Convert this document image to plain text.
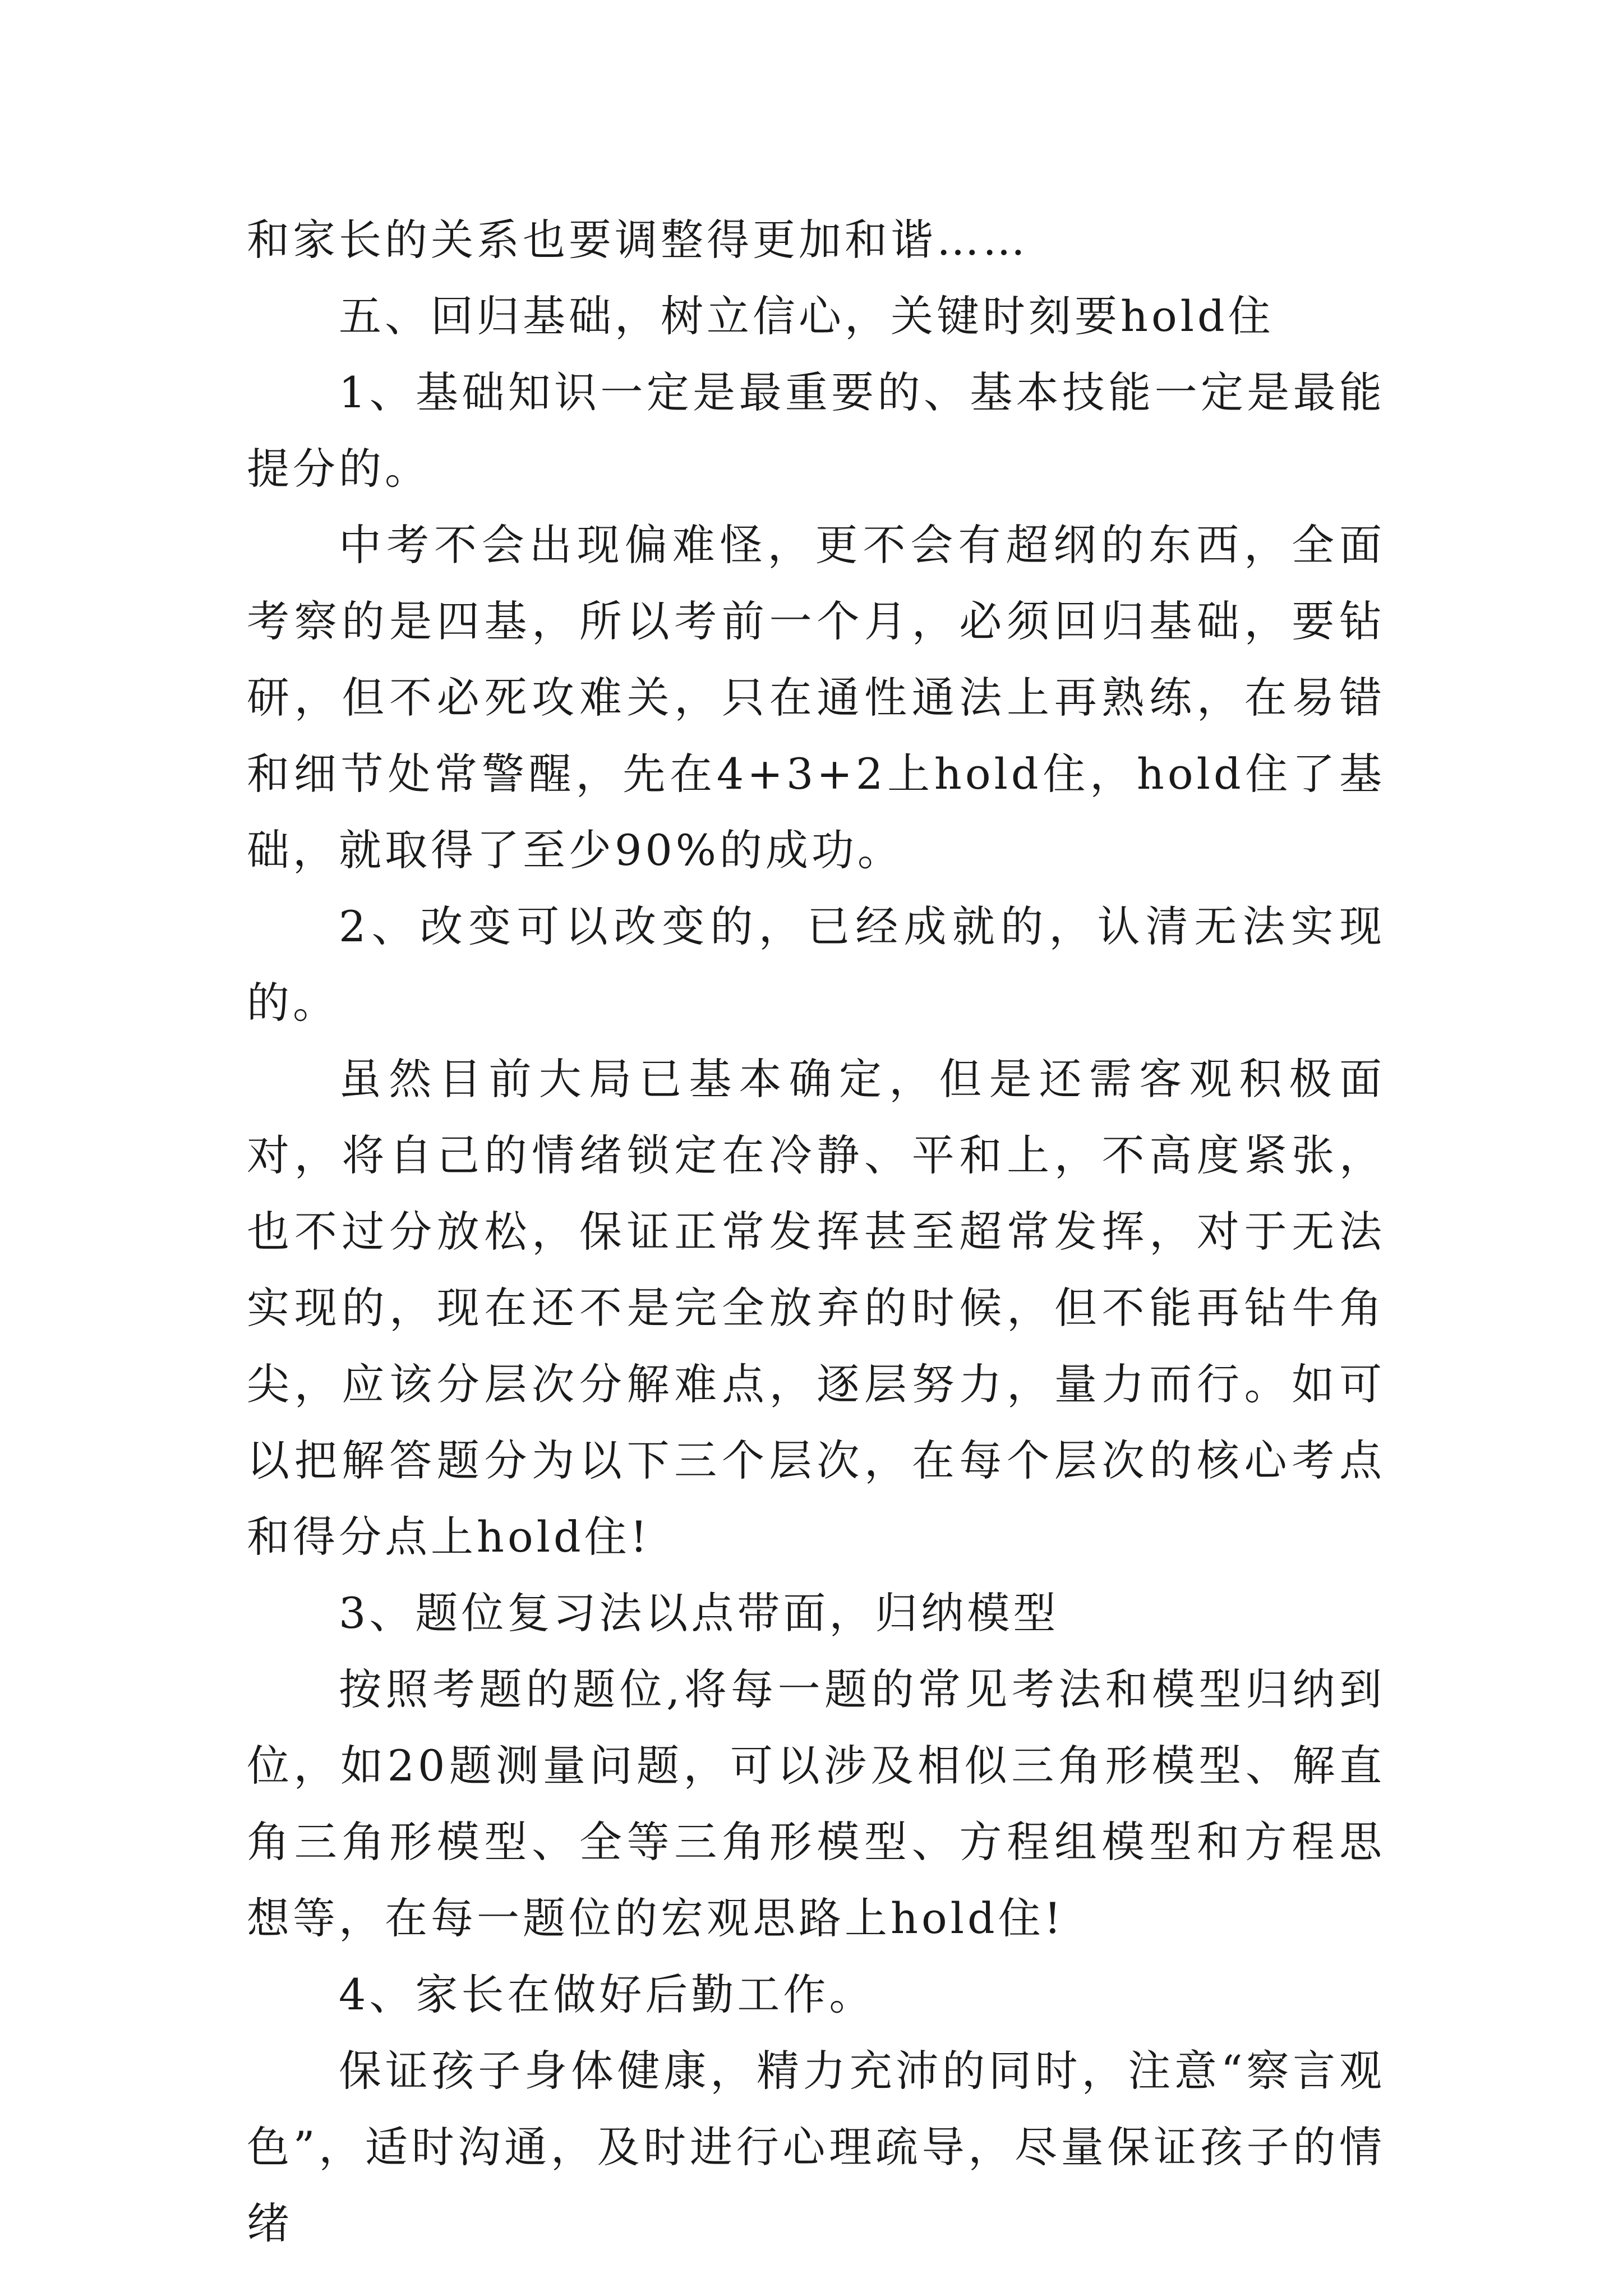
和家长的关系也要调整得更加和谐……

五、回归基础，树立信心，关键时刻要hold住

1、基础知识一定是最重要的、基本技能一定是最能提分的。

中考不会出现偏难怪，更不会有超纲的东西，全面考察的是四基，所以考前一个月，必须回归基础，要钻研，但不必死攻难关，只在通性通法上再熟练，在易错和细节处常警醒，先在4+3+2上hold住，hold住了基础，就取得了至少90%的成功。

2、改变可以改变的，已经成就的，认清无法实现的。

虽然目前大局已基本确定，但是还需客观积极面对，将自己的情绪锁定在冷静、平和上，不高度紧张，也不过分放松，保证正常发挥甚至超常发挥，对于无法实现的，现在还不是完全放弃的时候，但不能再钻牛角尖，应该分层次分解难点，逐层努力，量力而行。如可以把解答题分为以下三个层次，在每个层次的核心考点和得分点上hold住!

3、题位复习法以点带面，归纳模型

按照考题的题位,将每一题的常见考法和模型归纳到位，如20题测量问题，可以涉及相似三角形模型、解直角三角形模型、全等三角形模型、方程组模型和方程思想等，在每一题位的宏观思路上hold住!

4、家长在做好后勤工作。

保证孩子身体健康，精力充沛的同时，注意“察言观色”，适时沟通，及时进行心理疏导，尽量保证孩子的情绪
